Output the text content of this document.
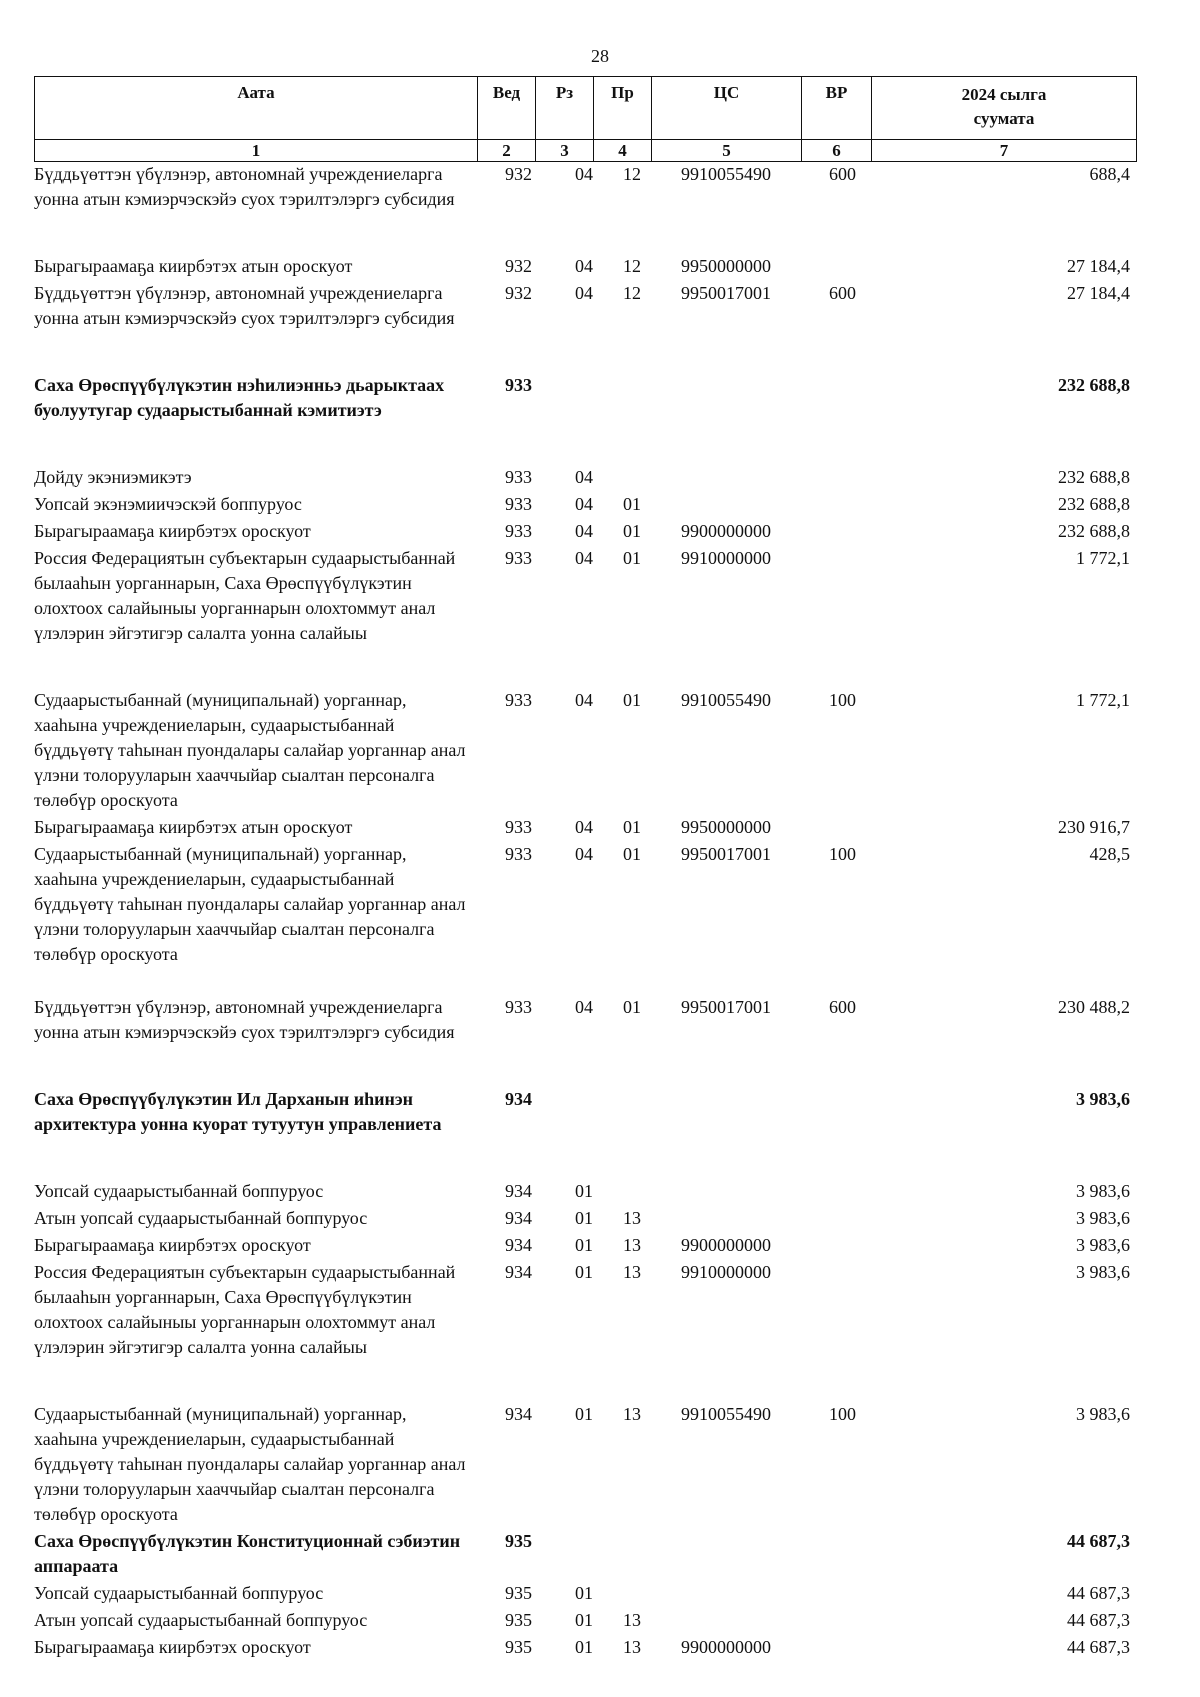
28
Аата	Вед	Рз	Пр	ЦС	ВР	2024 сылга суумата
1	2	3	4	5	6	7
Бүддьүөттэн үбүлэнэр, автономнай учреждениеларга уонна атын кэмиэрчэскэйэ суох тэрилтэлэргэ субсидия	932	04	12	9910055490	600	688,4
Бырагыраамаҕа киирбэтэх атын ороскуот	932	04	12	9950000000		27 184,4
Бүддьүөттэн үбүлэнэр, автономнай учреждениеларга уонна атын кэмиэрчэскэйэ суох тэрилтэлэргэ субсидия	932	04	12	9950017001	600	27 184,4
Саха Өрөспүүбүлүкэтин нэһилиэнньэ дьарыктаах буолуутугар судаарыстыбаннай кэмитиэтэ	933					232 688,8
Дойду экэниэмикэтэ	933	04				232 688,8
Уопсай экэнэмиичэскэй боппуруос	933	04	01			232 688,8
Бырагыраамаҕа киирбэтэх ороскуот	933	04	01	9900000000		232 688,8
Россия Федерациятын субъектарын судаарыстыбаннай былааһын уорганнарын, Саха Өрөспүүбүлүкэтин олохтоох салайыныы уорганнарын олохтоммут анал үлэлэрин эйгэтигэр салалта уонна салайыы	933	04	01	9910000000		1 772,1
Судаарыстыбаннай (муниципальнай) уорганнар, хааһына учреждениеларын, судаарыстыбаннай бүддьүөтү таһынан пуондалары салайар уорганнар анал үлэни толорууларын хааччыйар сыалтан персоналга төлөбүр ороскуота	933	04	01	9910055490	100	1 772,1
Бырагыраамаҕа киирбэтэх атын ороскуот	933	04	01	9950000000		230 916,7
Судаарыстыбаннай (муниципальнай) уорганнар, хааһына учреждениеларын, судаарыстыбаннай бүддьүөтү таһынан пуондалары салайар уорганнар анал үлэни толорууларын хааччыйар сыалтан персоналга төлөбүр ороскуота	933	04	01	9950017001	100	428,5
Бүддьүөттэн үбүлэнэр, автономнай учреждениеларга уонна атын кэмиэрчэскэйэ суох тэрилтэлэргэ субсидия	933	04	01	9950017001	600	230 488,2
Саха Өрөспүүбүлүкэтин Ил Дарханын иһинэн архитектура уонна куорат тутуутун управлениета	934					3 983,6
Уопсай судаарыстыбаннай боппуруос	934	01				3 983,6
Атын уопсай судаарыстыбаннай боппуруос	934	01	13			3 983,6
Бырагыраамаҕа киирбэтэх ороскуот	934	01	13	9900000000		3 983,6
Россия Федерациятын субъектарын судаарыстыбаннай былааһын уорганнарын, Саха Өрөспүүбүлүкэтин олохтоох салайыныы уорганнарын олохтоммут анал үлэлэрин эйгэтигэр салалта уонна салайыы	934	01	13	9910000000		3 983,6
Судаарыстыбаннай (муниципальнай) уорганнар, хааһына учреждениеларын, судаарыстыбаннай бүддьүөтү таһынан пуондалары салайар уорганнар анал үлэни толорууларын хааччыйар сыалтан персоналга төлөбүр ороскуота	934	01	13	9910055490	100	3 983,6
Саха Өрөспүүбүлүкэтин Конституционнай сэбиэтин аппараата	935					44 687,3
Уопсай судаарыстыбаннай боппуруос	935	01				44 687,3
Атын уопсай судаарыстыбаннай боппуруос	935	01	13			44 687,3
Бырагыраамаҕа киирбэтэх ороскуот	935	01	13	9900000000		44 687,3
